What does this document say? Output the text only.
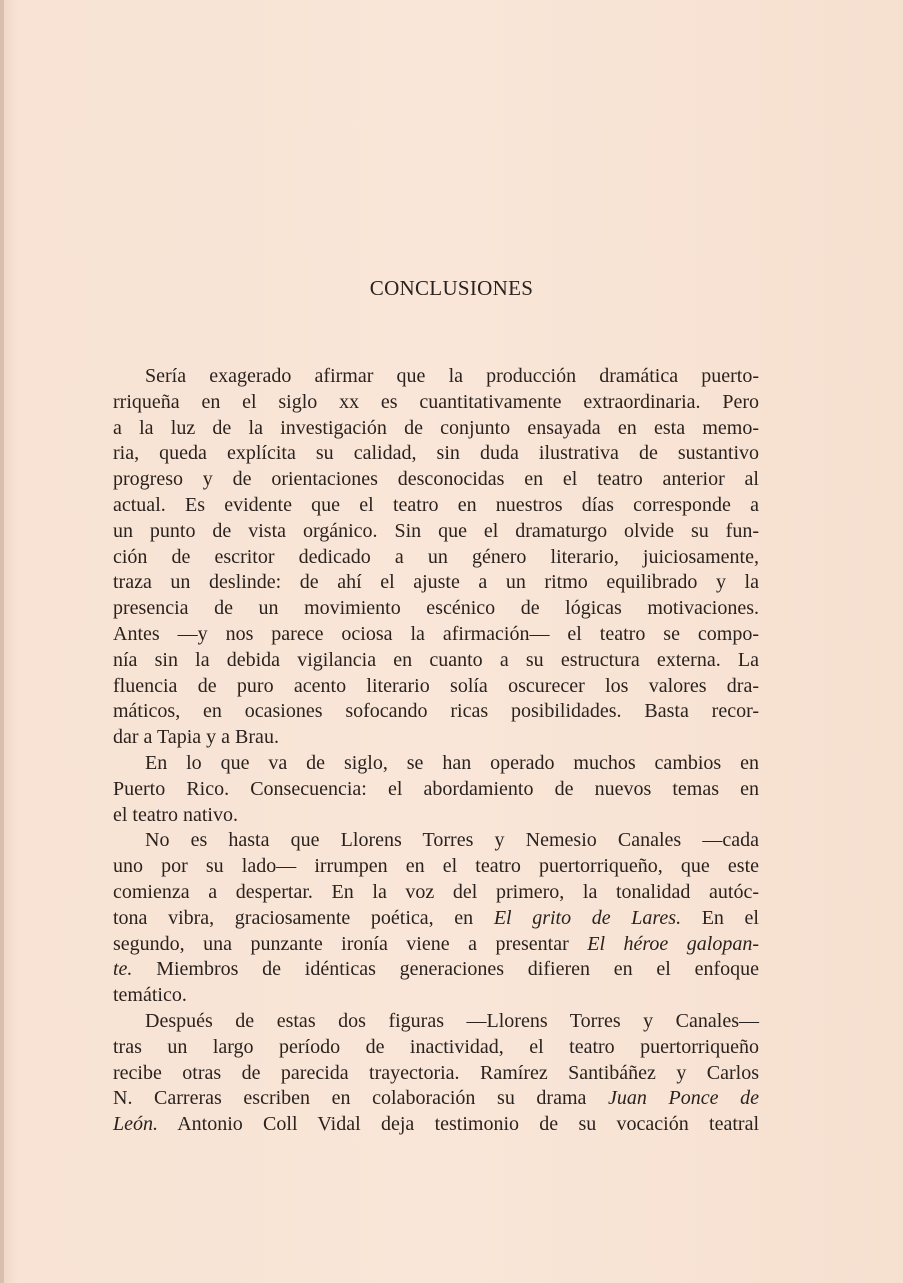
CONCLUSIONES
Sería exagerado afirmar que la producción dramática puerto-
rriqueña en el siglo xx es cuantitativamente extraordinaria. Pero
a la luz de la investigación de conjunto ensayada en esta memo-
ria, queda explícita su calidad, sin duda ilustrativa de sustantivo
progreso y de orientaciones desconocidas en el teatro anterior al
actual. Es evidente que el teatro en nuestros días corresponde a
un punto de vista orgánico. Sin que el dramaturgo olvide su fun-
ción de escritor dedicado a un género literario, juiciosamente,
traza un deslinde: de ahí el ajuste a un ritmo equilibrado y la
presencia de un movimiento escénico de lógicas motivaciones.
Antes —y nos parece ociosa la afirmación— el teatro se compo-
nía sin la debida vigilancia en cuanto a su estructura externa. La
fluencia de puro acento literario solía oscurecer los valores dra-
máticos, en ocasiones sofocando ricas posibilidades. Basta recor-
dar a Tapia y a Brau.
En lo que va de siglo, se han operado muchos cambios en
Puerto Rico. Consecuencia: el abordamiento de nuevos temas en
el teatro nativo.
No es hasta que Llorens Torres y Nemesio Canales —cada
uno por su lado— irrumpen en el teatro puertorriqueño, que este
comienza a despertar. En la voz del primero, la tonalidad autóc-
tona vibra, graciosamente poética, en El grito de Lares. En el
segundo, una punzante ironía viene a presentar El héroe galopan-
te. Miembros de idénticas generaciones difieren en el enfoque
temático.
Después de estas dos figuras —Llorens Torres y Canales—
tras un largo período de inactividad, el teatro puertorriqueño
recibe otras de parecida trayectoria. Ramírez Santibáñez y Carlos
N. Carreras escriben en colaboración su drama Juan Ponce de
León. Antonio Coll Vidal deja testimonio de su vocación teatral
